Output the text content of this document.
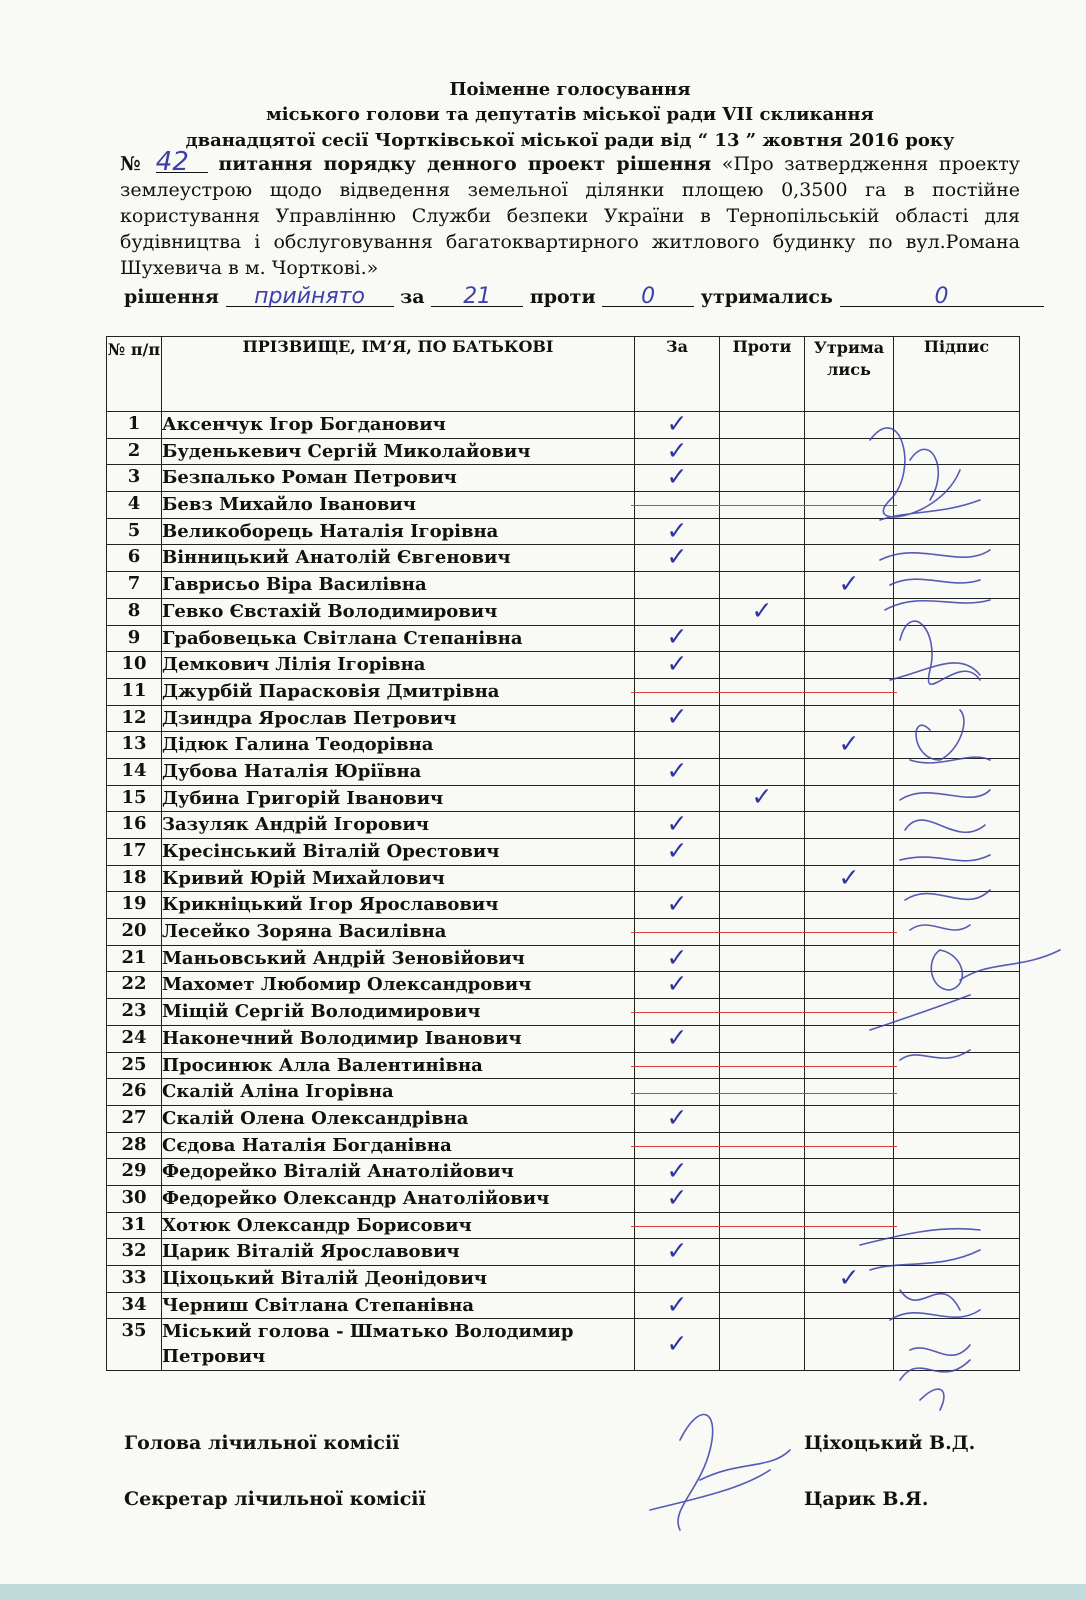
Поіменне голосування
міського голови та депутатів міської ради VII скликання
дванадцятої сесії Чортківської міської ради від “ 13 ” жовтня 2016 року
№ 42 питання порядку денного проект рішення «Про затвердження проекту землеустрою щодо відведення земельної ділянки площею 0,3500 га в постійне користування Управлінню Служби безпеки України в Тернопільській області для будівництва і обслуговування багатоквартирного житлового будинку по вул.Романа Шухевича в м. Чорткові.»
рішення прийнято за 21 проти 0 утримались	0
№ п/п	ПРІЗВИЩЕ, ІМ’Я, ПО БАТЬКОВІ	За	Проти	Утрима лись	Підпис
1	Аксенчук Ігор Богданович	✓			
2	Буденькевич Сергій Миколайович	✓			
3	Безпалько Роман Петрович	✓			
4	Бевз Михайло Іванович	

5	Великоборець Наталія Ігорівна	✓			
6	Вінницький Анатолій Євгенович	✓			
7	Гаврисьо Віра Василівна			✓	
8	Гевко Євстахій Володимирович		✓		
9	Грабовецька Світлана Степанівна	✓			
10	Демкович Лілія Ігорівна	✓			
11	Джурбій Парасковія Дмитрівна	

12	Дзиндра Ярослав Петрович	✓			
13	Дідюк Галина Теодорівна			✓	
14	Дубова Наталія Юріївна	✓			
15	Дубина Григорій Іванович		✓		
16	Зазуляк Андрій Ігорович	✓			
17	Кресінський Віталій Орестович	✓			
18	Кривий Юрій Михайлович			✓	
19	Крикніцький Ігор Ярославович	✓			
20	Лесейко Зоряна Василівна	

21	Маньовський Андрій Зеновійович	✓			
22	Махомет Любомир Олександрович	✓			
23	Міщій Сергій Володимирович	

24	Наконечний Володимир Іванович	✓			
25	Просинюк Алла Валентинівна	

26	Скалій Аліна Ігорівна	

27	Скалій Олена Олександрівна	✓			
28	Сєдова Наталія Богданівна	

29	Федорейко Віталій Анатолійович	✓			
30	Федорейко Олександр Анатолійович	✓			
31	Хотюк Олександр Борисович	

32	Царик Віталій Ярославович	✓			
33	Ціхоцький Віталій Деонідович			✓	
34	Черниш Світлана Степанівна	✓			
35	Міський голова - Шматько Володимир Петрович	✓			
Голова лічильної комісії	Ціхоцький В.Д.
Секретар лічильної комісії	Царик В.Я.
